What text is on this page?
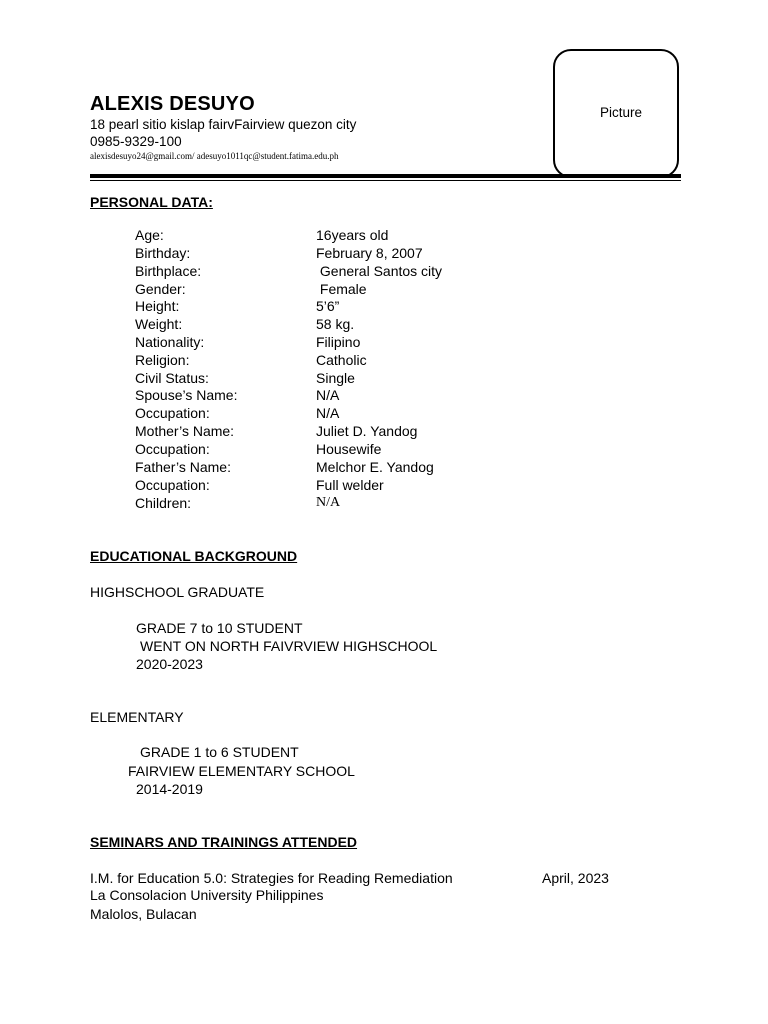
ALEXIS DESUYO
18 pearl sitio kislap fairvFairview quezon city
0985-9329-100
alexisdesuyo24@gmail.com/ adesuyo1011qc@student.fatima.edu.ph
Picture
PERSONAL DATA:
Age:	16years old
Birthday:	February 8, 2007
Birthplace:	General Santos city
Gender:	Female
Height:	5’6”
Weight:	58 kg.
Nationality:	Filipino
Religion:	Catholic
Civil Status:	Single
Spouse’s Name:	N/A
Occupation:	N/A
Mother’s Name:	Juliet D. Yandog
Occupation:	Housewife
Father’s Name:	Melchor E. Yandog
Occupation:	Full welder
Children:	N/A
EDUCATIONAL BACKGROUND
HIGHSCHOOL GRADUATE
GRADE 7 to 10 STUDENT
WENT ON NORTH FAIVRVIEW HIGHSCHOOL
2020-2023
ELEMENTARY
GRADE 1 to 6 STUDENT
FAIRVIEW ELEMENTARY SCHOOL
2014-2019
SEMINARS AND TRAININGS ATTENDED
I.M. for Education 5.0: Strategies for Reading Remediation	April, 2023
La Consolacion University Philippines
Malolos, Bulacan
